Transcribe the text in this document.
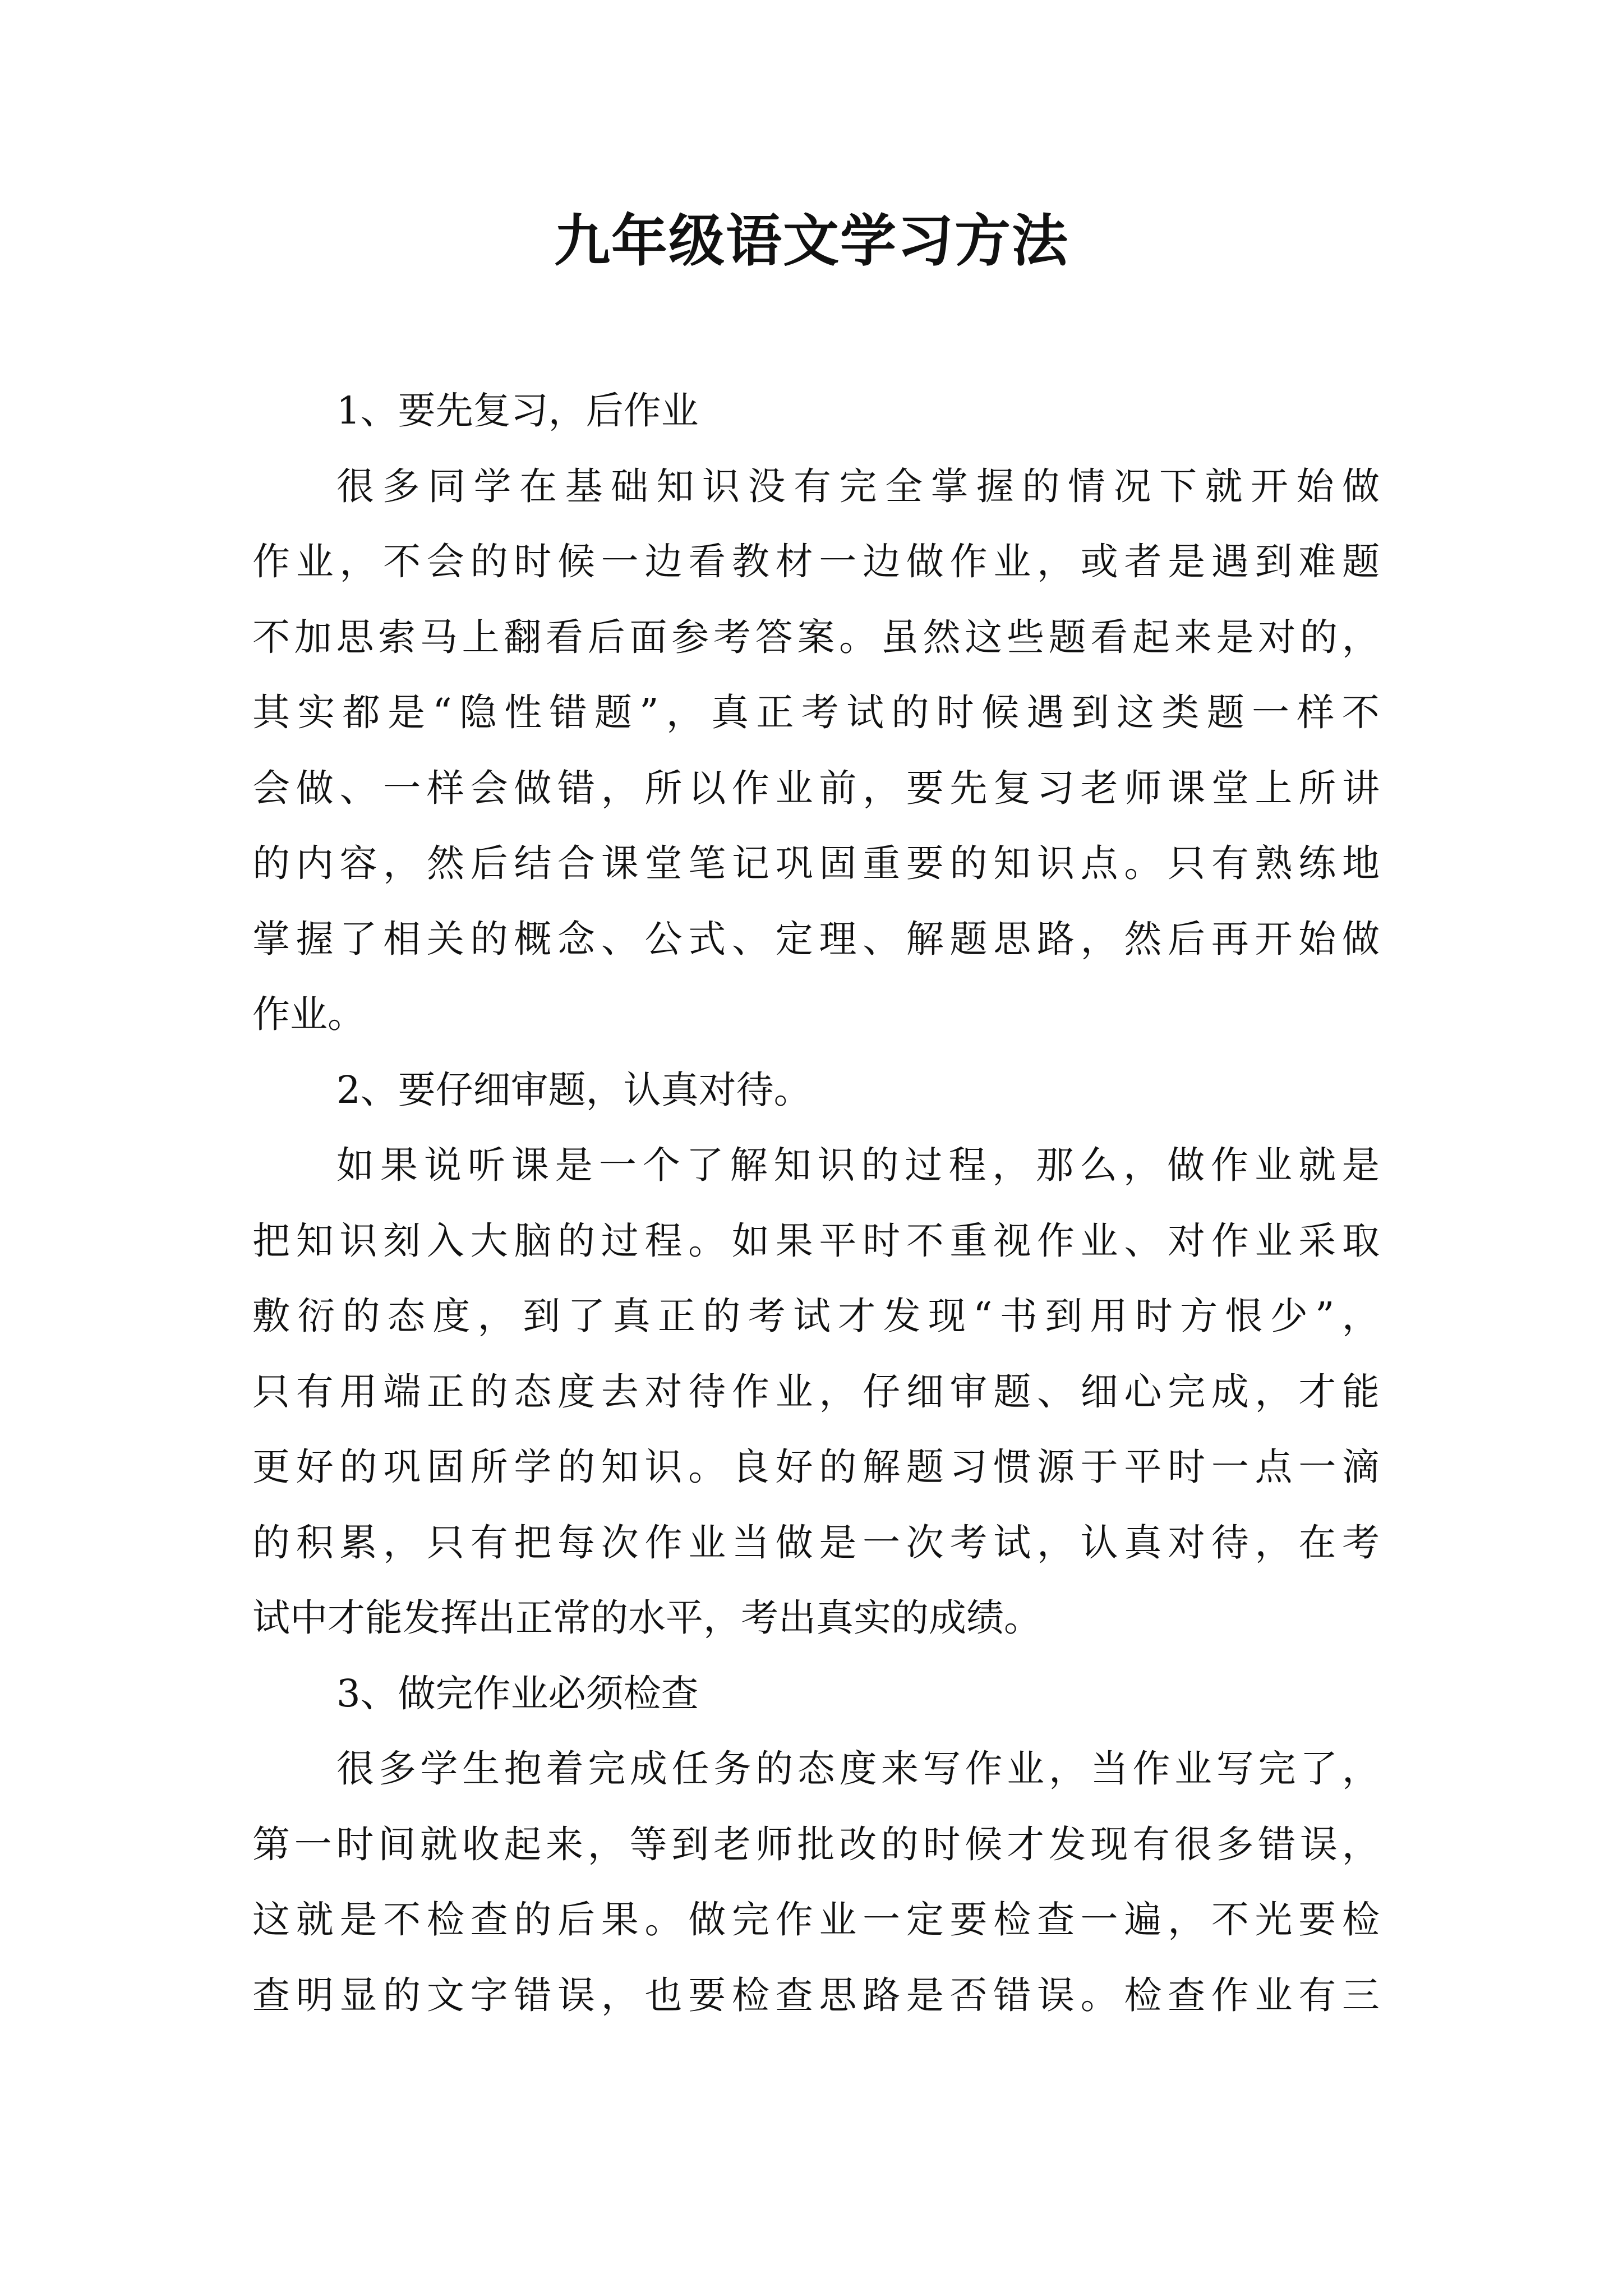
九年级语文学习方法
1、要先复习，后作业
很 多 同 学 在 基 础 知 识 没 有 完 全 掌 握 的 情 况 下 就 开 始 做
作 业 ， 不 会 的 时 候 一 边 看 教 材 一 边 做 作 业 ， 或 者 是 遇 到 难 题
不 加 思 索 马 上 翻 看 后 面 参 考 答 案 。 虽 然 这 些 题 看 起 来 是 对 的 ，
其 实 都 是 “ 隐 性 错 题 ” ， 真 正 考 试 的 时 候 遇 到 这 类 题 一 样 不
会 做 、 一 样 会 做 错 ， 所 以 作 业 前 ， 要 先 复 习 老 师 课 堂 上 所 讲
的 内 容 ， 然 后 结 合 课 堂 笔 记 巩 固 重 要 的 知 识 点 。 只 有 熟 练 地
掌 握 了 相 关 的 概 念 、 公 式 、 定 理 、 解 题 思 路 ， 然 后 再 开 始 做
作业。
2、要仔细审题，认真对待。
如 果 说 听 课 是 一 个 了 解 知 识 的 过 程 ， 那 么 ， 做 作 业 就 是
把 知 识 刻 入 大 脑 的 过 程 。 如 果 平 时 不 重 视 作 业 、 对 作 业 采 取
敷 衍 的 态 度 ， 到 了 真 正 的 考 试 才 发 现 “ 书 到 用 时 方 恨 少 ” ，
只 有 用 端 正 的 态 度 去 对 待 作 业 ， 仔 细 审 题 、 细 心 完 成 ， 才 能
更 好 的 巩 固 所 学 的 知 识 。 良 好 的 解 题 习 惯 源 于 平 时 一 点 一 滴
的 积 累 ， 只 有 把 每 次 作 业 当 做 是 一 次 考 试 ， 认 真 对 待 ， 在 考
试中才能发挥出正常的水平，考出真实的成绩。
3、做完作业必须检查
很 多 学 生 抱 着 完 成 任 务 的 态 度 来 写 作 业 ， 当 作 业 写 完 了 ，
第 一 时 间 就 收 起 来 ， 等 到 老 师 批 改 的 时 候 才 发 现 有 很 多 错 误 ，
这 就 是 不 检 查 的 后 果 。 做 完 作 业 一 定 要 检 查 一 遍 ， 不 光 要 检
查 明 显 的 文 字 错 误 ， 也 要 检 查 思 路 是 否 错 误 。 检 查 作 业 有 三
